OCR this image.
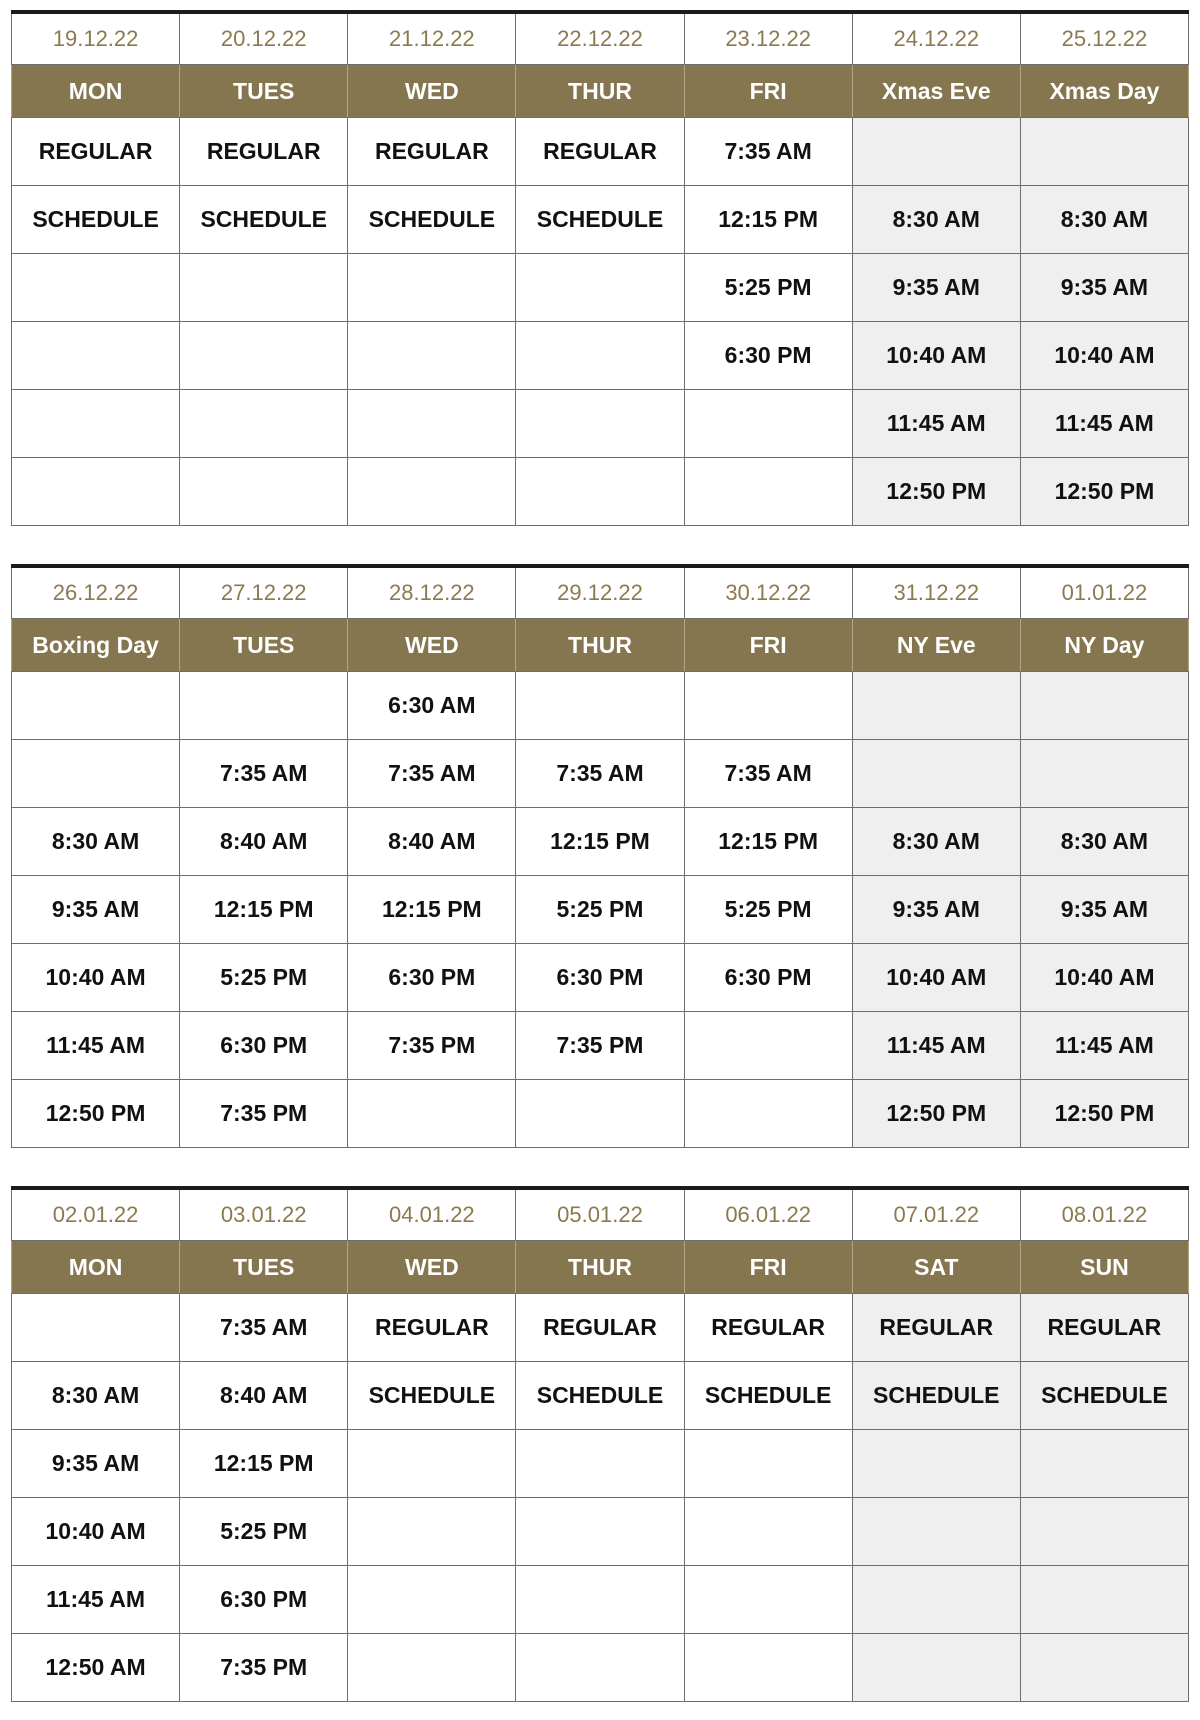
19.12.22	20.12.22	21.12.22	22.12.22	23.12.22	24.12.22	25.12.22
MON	TUES	WED	THUR	FRI	Xmas Eve	Xmas Day
REGULAR	REGULAR	REGULAR	REGULAR	7:35 AM		
SCHEDULE	SCHEDULE	SCHEDULE	SCHEDULE	12:15 PM	8:30 AM	8:30 AM
				5:25 PM	9:35 AM	9:35 AM
				6:30 PM	10:40 AM	10:40 AM
					11:45 AM	11:45 AM
					12:50 PM	12:50 PM
26.12.22	27.12.22	28.12.22	29.12.22	30.12.22	31.12.22	01.01.22
Boxing Day	TUES	WED	THUR	FRI	NY Eve	NY Day
		6:30 AM				
	7:35 AM	7:35 AM	7:35 AM	7:35 AM		
8:30 AM	8:40 AM	8:40 AM	12:15 PM	12:15 PM	8:30 AM	8:30 AM
9:35 AM	12:15 PM	12:15 PM	5:25 PM	5:25 PM	9:35 AM	9:35 AM
10:40 AM	5:25 PM	6:30 PM	6:30 PM	6:30 PM	10:40 AM	10:40 AM
11:45 AM	6:30 PM	7:35 PM	7:35 PM		11:45 AM	11:45 AM
12:50 PM	7:35 PM				12:50 PM	12:50 PM
02.01.22	03.01.22	04.01.22	05.01.22	06.01.22	07.01.22	08.01.22
MON	TUES	WED	THUR	FRI	SAT	SUN
	7:35 AM	REGULAR	REGULAR	REGULAR	REGULAR	REGULAR
8:30 AM	8:40 AM	SCHEDULE	SCHEDULE	SCHEDULE	SCHEDULE	SCHEDULE
9:35 AM	12:15 PM					
10:40 AM	5:25 PM					
11:45 AM	6:30 PM					
12:50 AM	7:35 PM					
